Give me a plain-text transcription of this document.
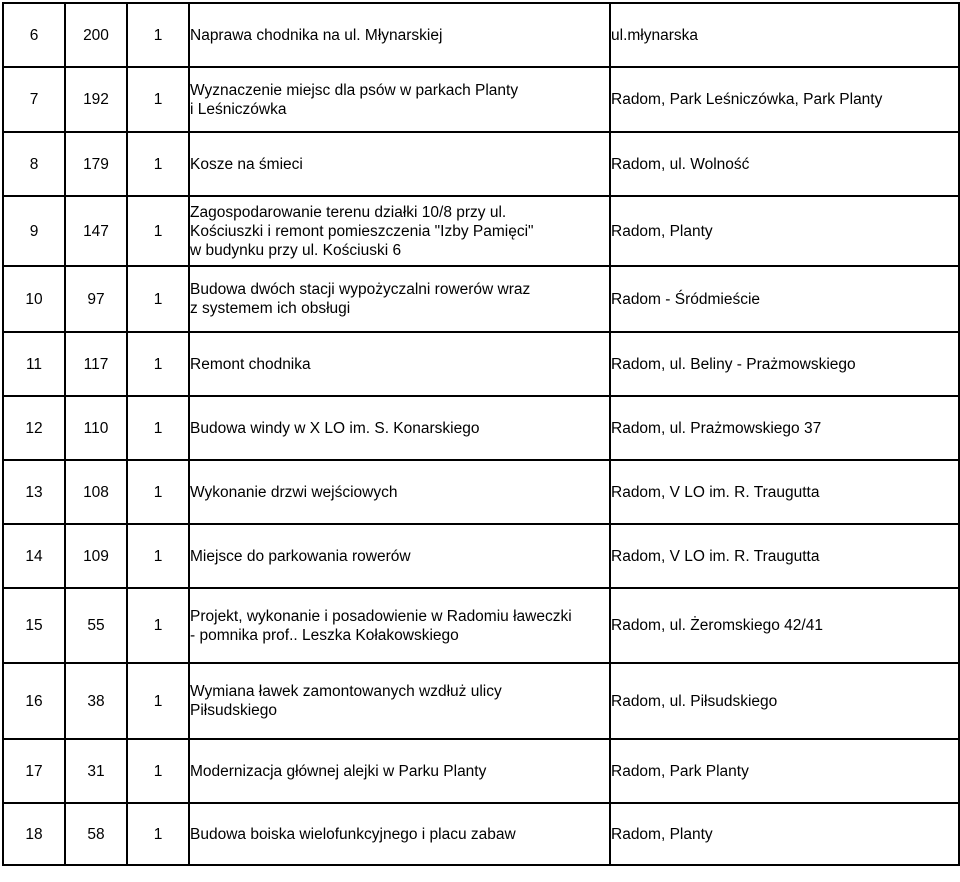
6	200	1	Naprawa chodnika na ul. Młynarskiej	ul.młynarska
7	192	1	Wyznaczenie miejsc dla psów w parkach Planty
i Leśniczówka	Radom, Park Leśniczówka, Park Planty
8	179	1	Kosze na śmieci	Radom, ul. Wolność
9	147	1	Zagospodarowanie terenu działki 10/8 przy ul.
Kościuszki i remont pomieszczenia "Izby Pamięci"
w budynku przy ul. Kościuski 6	Radom, Planty
10	97	1	Budowa dwóch stacji wypożyczalni rowerów wraz
z systemem ich obsługi	Radom - Śródmieście
11	117	1	Remont chodnika	Radom, ul. Beliny - Prażmowskiego
12	110	1	Budowa windy w X LO im. S. Konarskiego	Radom, ul. Prażmowskiego 37
13	108	1	Wykonanie drzwi wejściowych	Radom, V LO im. R. Traugutta
14	109	1	Miejsce do parkowania rowerów	Radom, V LO im. R. Traugutta
15	55	1	Projekt, wykonanie i posadowienie w Radomiu ławeczki
- pomnika prof.. Leszka Kołakowskiego	Radom, ul. Żeromskiego 42/41
16	38	1	Wymiana ławek zamontowanych wzdłuż ulicy
Piłsudskiego	Radom, ul. Piłsudskiego
17	31	1	Modernizacja głównej alejki w Parku Planty	Radom, Park Planty
18	58	1	Budowa boiska wielofunkcyjnego i placu zabaw	Radom, Planty
